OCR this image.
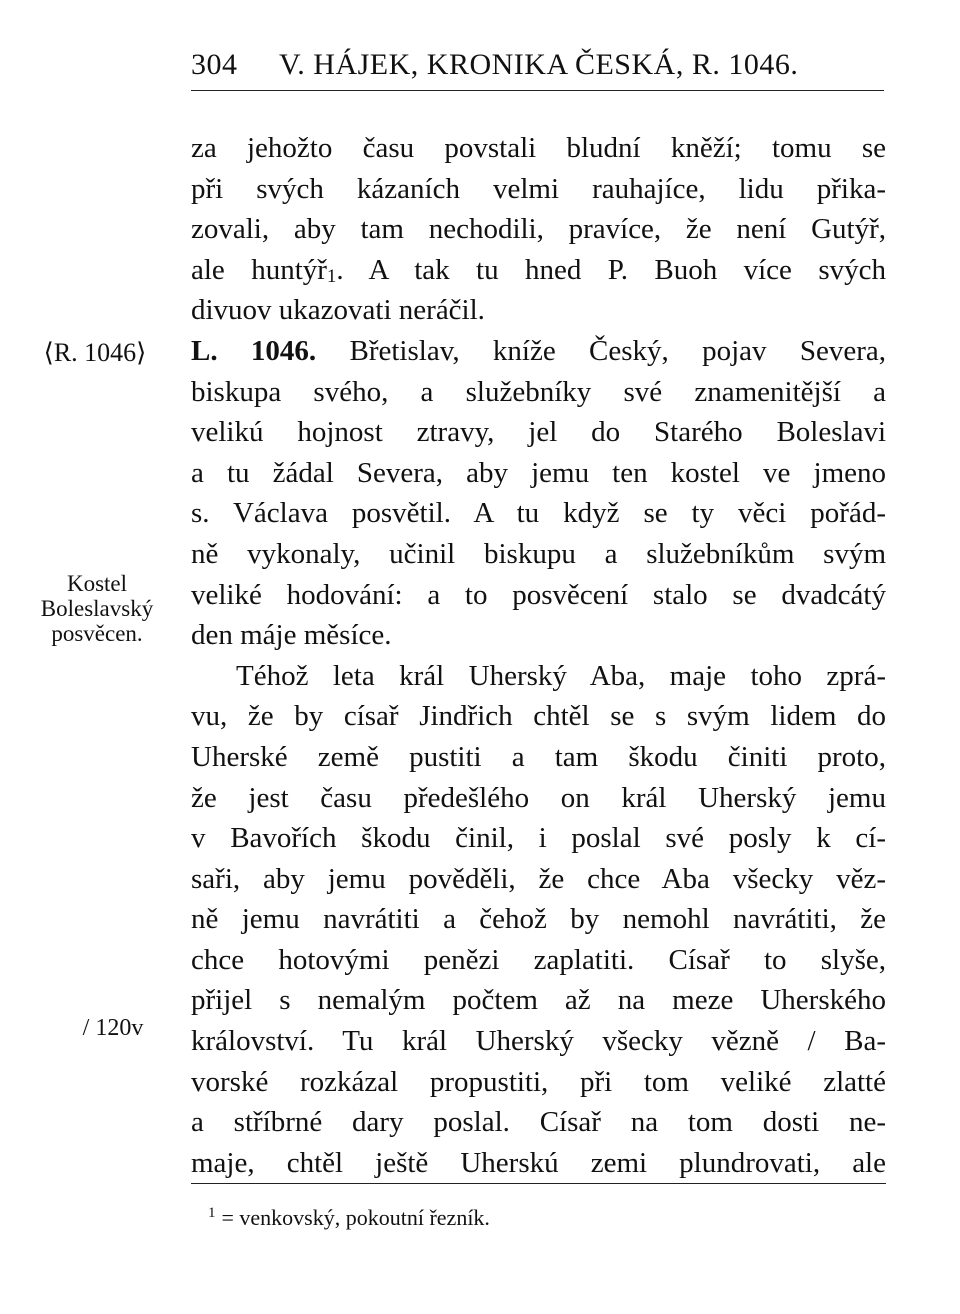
304 V. HÁJEK, KRONIKA ČESKÁ, R. 1046.
⟨R. 1046⟩
Kostel
Boleslavský
posvěcen.
/ 120v
za jehožto času povstali bludní kněží; tomu se
při svých kázaních velmi rauhajíce, lidu přika-
zovali, aby tam nechodili, pravíce, že není Gutýř,
ale huntýř$_1$. A tak tu hned P. Buoh více svých
divuov ukazovati neráčil.
L. 1046. Břetislav, kníže Český, pojav Severa,
biskupa svého, a služebníky své znamenitější a
velikú hojnost ztravy, jel do Starého Boleslavi
a tu žádal Severa, aby jemu ten kostel ve jmeno
s. Václava posvětil. A tu když se ty věci pořád-
ně vykonaly, učinil biskupu a služebníkům svým
veliké hodování: a to posvěcení stalo se dvadcátý
den máje měsíce.
Téhož leta král Uherský Aba, maje toho zprá-
vu, že by císař Jindřich chtěl se s svým lidem do
Uherské země pustiti a tam škodu činiti proto,
že jest času předešlého on král Uherský jemu
v Bavořích škodu činil, i poslal své posly k cí-
saři, aby jemu pověděli, že chce Aba všecky věz-
ně jemu navrátiti a čehož by nemohl navrátiti, že
chce hotovými penězi zaplatiti. Císař to slyše,
přijel s nemalým počtem až na meze Uherského
království. Tu král Uherský všecky vězně / Ba-
vorské rozkázal propustiti, při tom veliké zlatté
a stříbrné dary poslal. Císař na tom dosti ne-
maje, chtěl ještě Uherskú zemi plundrovati, ale
$^1$ = venkovský, pokoutní řezník.
